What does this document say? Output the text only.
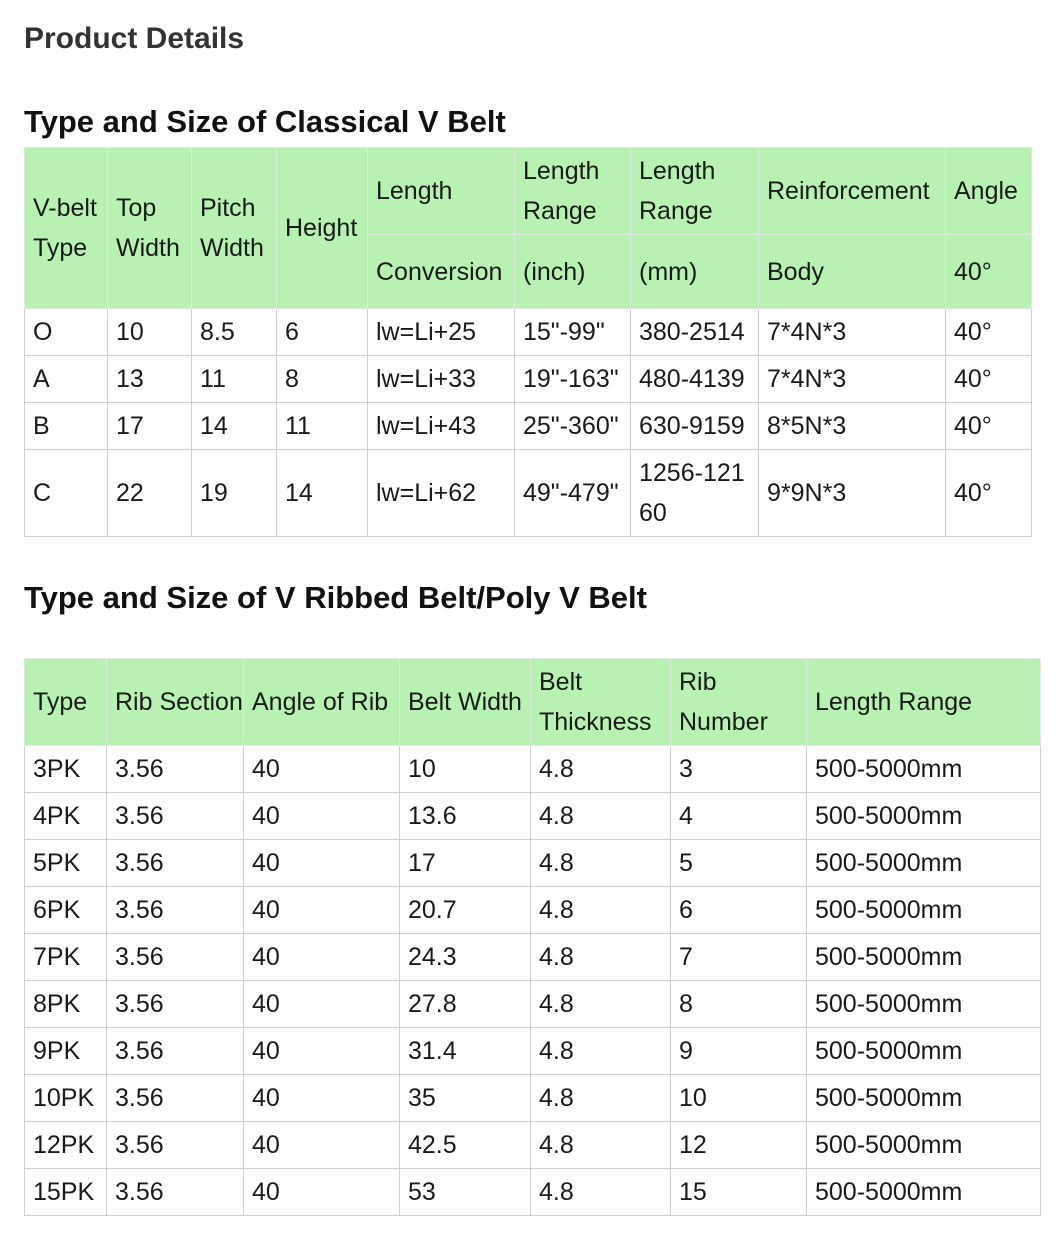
Product Details
Type and Size of Classical V Belt
V-belt Type	Top Width	Pitch Width	Height	Length	Length Range	Length Range	Reinforcement	Angle
				Conversion	(inch)	(mm)	Body	40°
O	10	8.5	6	lw=Li+25	15"-99"	380-2514	7*4N*3	40°
A	13	11	8	lw=Li+33	19"-163"	480-4139	7*4N*3	40°
B	17	14	11	lw=Li+43	25"-360"	630-9159	8*5N*3	40°
C	22	19	14	lw=Li+62	49"-479"	1256-12160	9*9N*3	40°
Type and Size of V Ribbed Belt/Poly V Belt
Type	Rib Section	Angle of Rib	Belt Width	Belt Thickness	Rib Number	Length Range
3PK	3.56	40	10	4.8	3	500-5000mm
4PK	3.56	40	13.6	4.8	4	500-5000mm
5PK	3.56	40	17	4.8	5	500-5000mm
6PK	3.56	40	20.7	4.8	6	500-5000mm
7PK	3.56	40	24.3	4.8	7	500-5000mm
8PK	3.56	40	27.8	4.8	8	500-5000mm
9PK	3.56	40	31.4	4.8	9	500-5000mm
10PK	3.56	40	35	4.8	10	500-5000mm
12PK	3.56	40	42.5	4.8	12	500-5000mm
15PK	3.56	40	53	4.8	15	500-5000mm
